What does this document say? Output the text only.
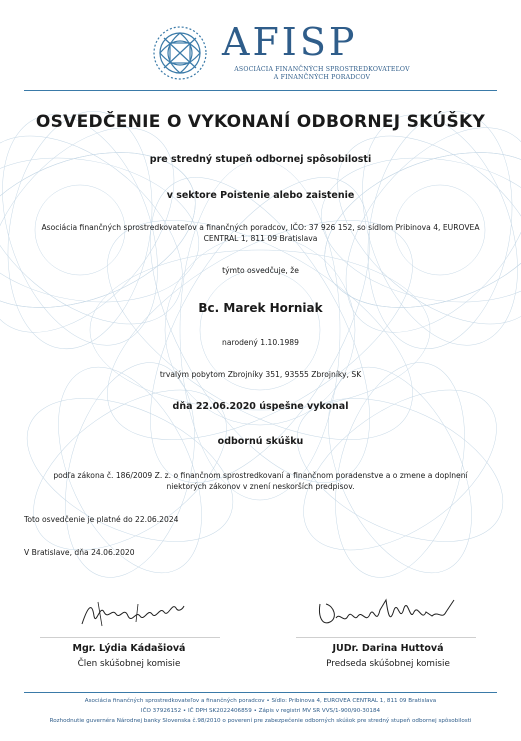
AFISP
ASOCIÁCIA FINANČNÝCH SPROSTREDKOVATEĽOV
A FINANČNÝCH PORADCOV
OSVEDČENIE O VYKONANÍ ODBORNEJ SKÚŠKY
pre stredný stupeň odbornej spôsobilosti
v sektore Poistenie alebo zaistenie
Asociácia finančných sprostredkovateľov a finančných poradcov, IČO: 37 926 152, so sídlom Pribinova 4, EUROVEA
CENTRAL 1, 811 09 Bratislava
týmto osvedčuje, že
Bc. Marek Horniak
narodený 1.10.1989
trvalým pobytom Zbrojníky 351, 93555 Zbrojníky, SK
dňa 22.06.2020 úspešne vykonal
odbornú skúšku
podľa zákona č. 186/2009 Z. z. o finančnom sprostredkovaní a finančnom poradenstve a o zmene a doplnení
niektorých zákonov v znení neskorších predpisov.
Toto osvedčenie je platné do 22.06.2024
V Bratislave, dňa 24.06.2020
Mgr. Lýdia Kádašiová
Člen skúšobnej komisie
JUDr. Darina Huttová
Predseda skúšobnej komisie
Asociácia finančných sprostredkovateľov a finančných poradcov • Sídlo: Pribinova 4, EUROVEA CENTRAL 1, 811 09 Bratislava
IČO 37926152 • IČ DPH SK2022406859 • Zápis v registri MV SR VVS/1-900/90-30184
Rozhodnutie guvernéra Národnej banky Slovenska č.98/2010 o poverení pre zabezpečenie odborných skúšok pre stredný stupeň odbornej spôsobilosti
